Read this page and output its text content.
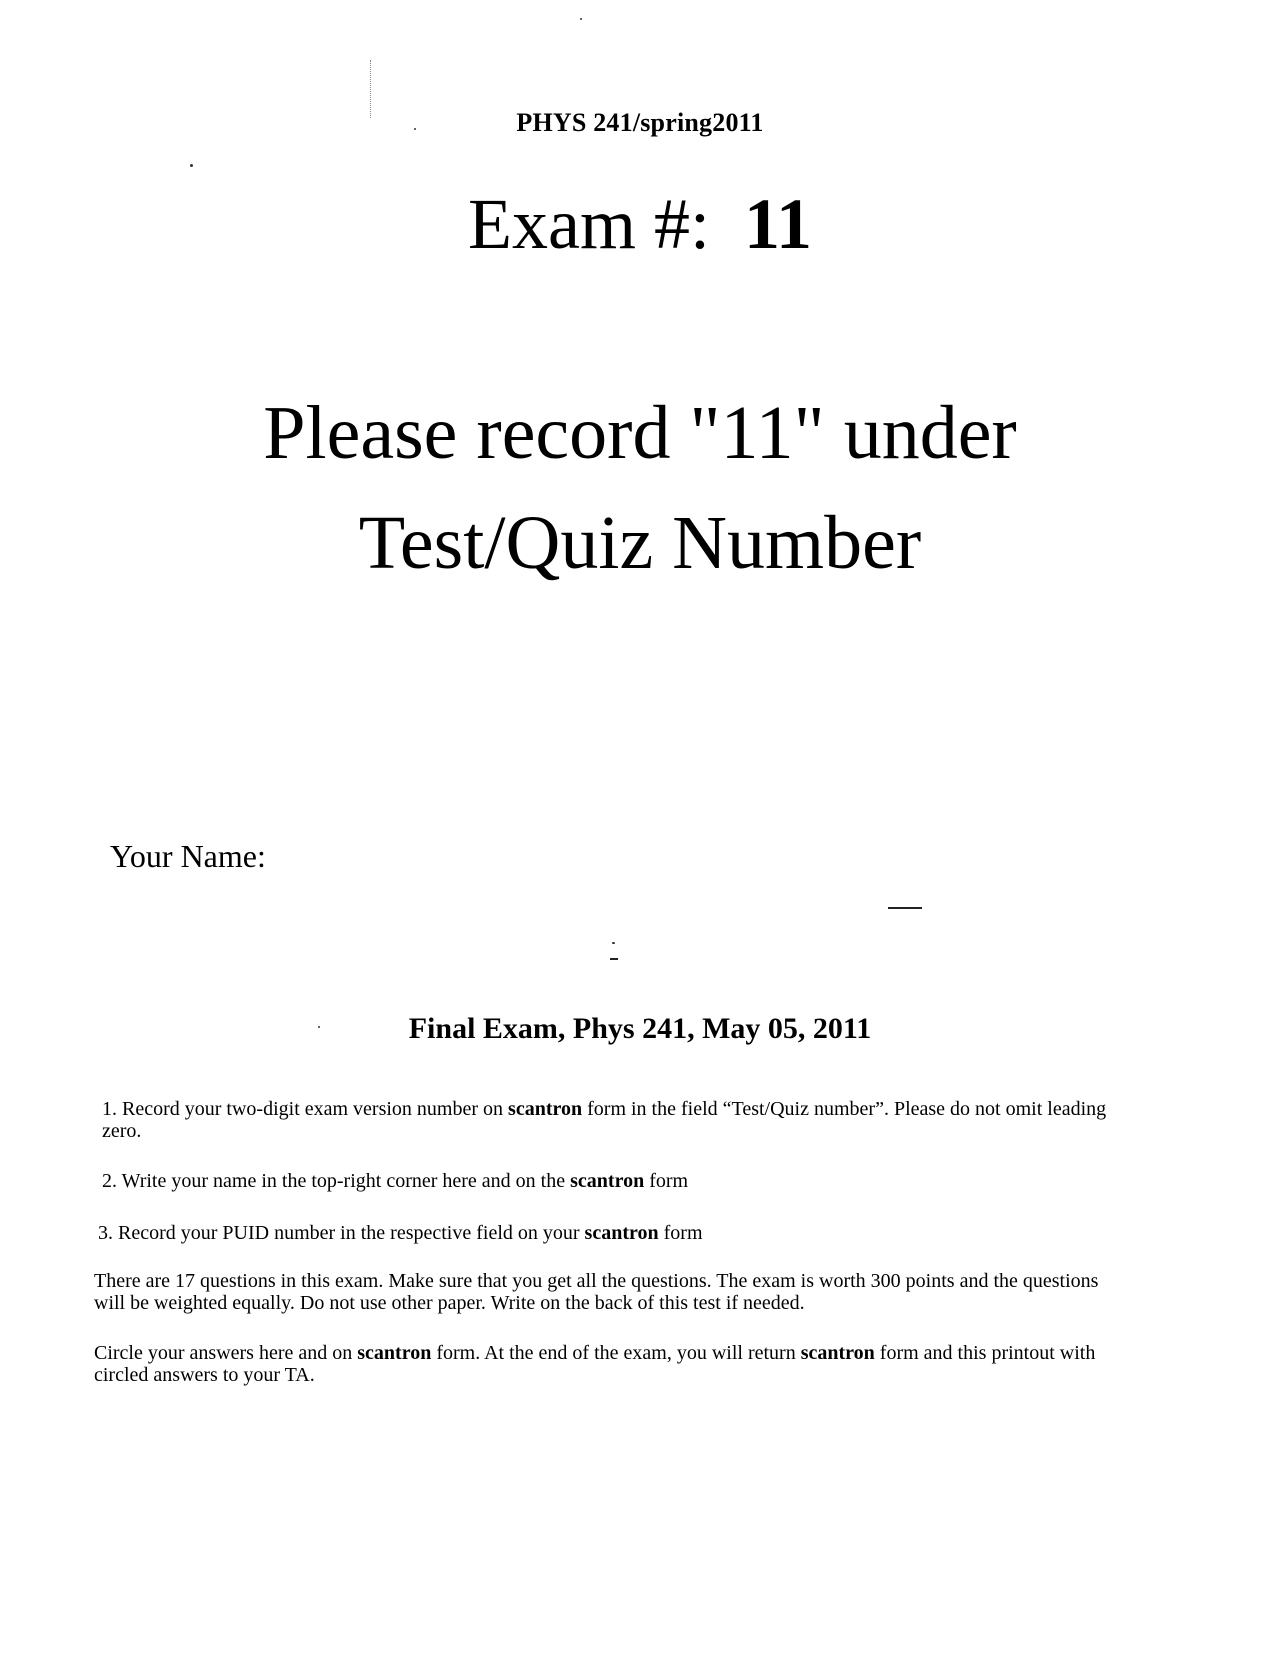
PHYS 241/spring2011
Exam #: 11
Please record "11" under
Test/Quiz Number
Your Name:
Final Exam, Phys 241, May 05, 2011

1. Record your two-digit exam version number on scantron form in the field “Test/Quiz number”. Please do not omit leading zero.

2. Write your name in the top-right corner here and on the scantron form

3. Record your PUID number in the respective field on your scantron form

There are 17 questions in this exam. Make sure that you get all the questions. The exam is worth 300 points and the questions will be weighted equally. Do not use other paper. Write on the back of this test if needed.

Circle your answers here and on scantron form. At the end of the exam, you will return scantron form and this printout with circled answers to your TA.
